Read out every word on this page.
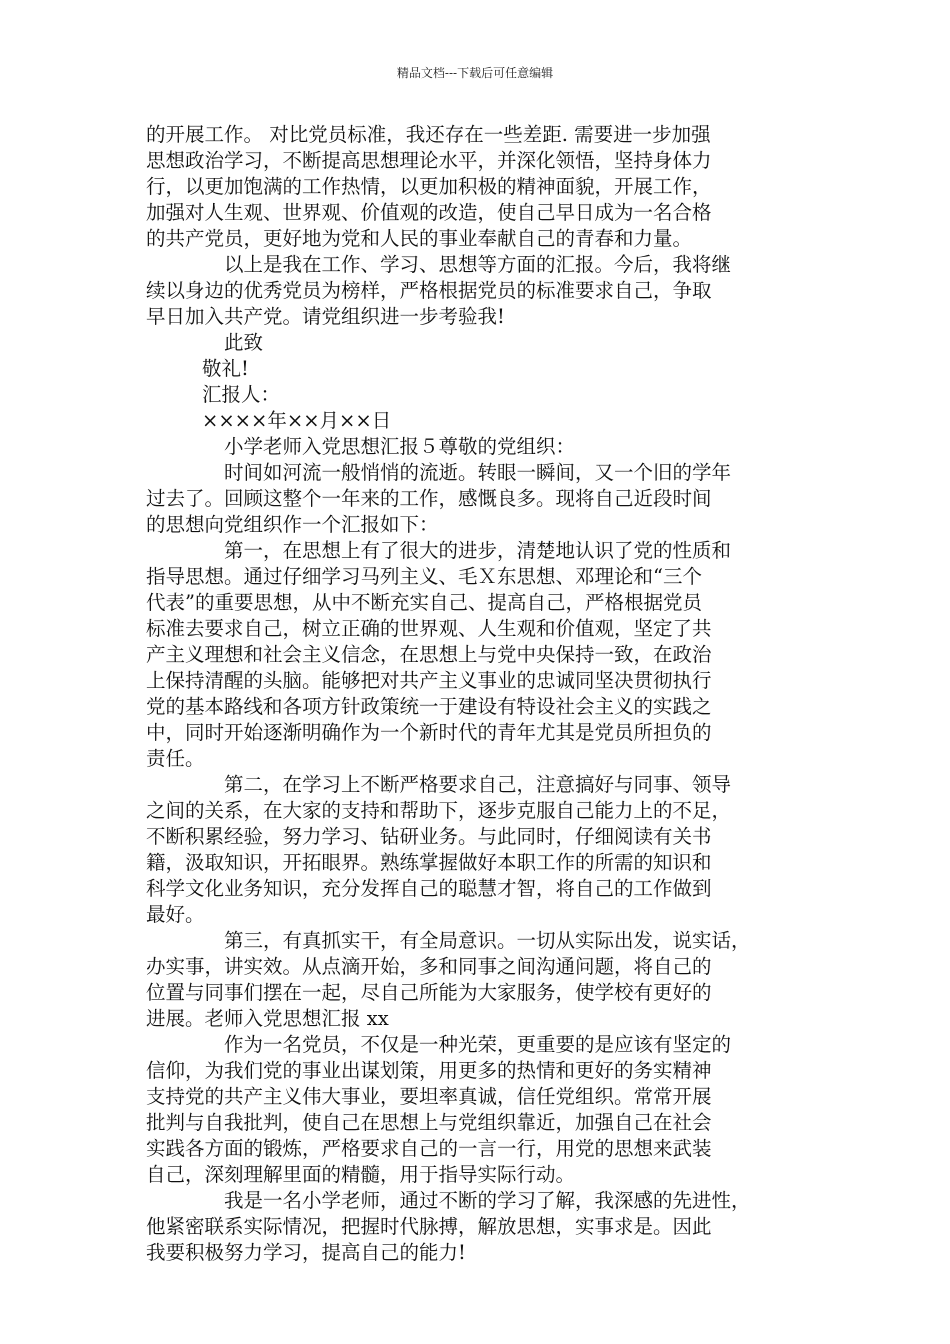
精品文档---下载后可任意编辑
的开展工作。 对比党员标准，我还存在一些差距. 需要进一步加强
思想政治学习，不断提高思想理论水平，并深化领悟，坚持身体力
行，以更加饱满的工作热情，以更加积极的精神面貌，开展工作，
加强对人生观、世界观、价值观的改造，使自己早日成为一名合格
的共产党员，更好地为党和人民的事业奉献自己的青春和力量。
以上是我在工作、学习、思想等方面的汇报。今后，我将继
续以身边的优秀党员为榜样，严格根据党员的标准要求自己，争取
早日加入共产党。请党组织进一步考验我!
此致
敬礼!
汇报人：
××××年××月××日
小学老师入党思想汇报５尊敬的党组织：
时间如河流一般悄悄的流逝。转眼一瞬间，又一个旧的学年
过去了。回顾这整个一年来的工作，感慨良多。现将自己近段时间
的思想向党组织作一个汇报如下：
第一，在思想上有了很大的进步，清楚地认识了党的性质和
指导思想。通过仔细学习马列主义、毛Ｘ东思想、邓理论和“三个
代表”的重要思想，从中不断充实自己、提高自己，严格根据党员
标准去要求自己，树立正确的世界观、人生观和价值观，坚定了共
产主义理想和社会主义信念，在思想上与党中央保持一致，在政治
上保持清醒的头脑。能够把对共产主义事业的忠诚同坚决贯彻执行
党的基本路线和各项方针政策统一于建设有特设社会主义的实践之
中，同时开始逐渐明确作为一个新时代的青年尤其是党员所担负的
责任。
第二，在学习上不断严格要求自己，注意搞好与同事、领导
之间的关系，在大家的支持和帮助下，逐步克服自己能力上的不足，
不断积累经验，努力学习、钻研业务。与此同时，仔细阅读有关书
籍，汲取知识，开拓眼界。熟练掌握做好本职工作的所需的知识和
科学文化业务知识，充分发挥自己的聪慧才智，将自己的工作做到
最好。
第三，有真抓实干，有全局意识。一切从实际出发，说实话，
办实事，讲实效。从点滴开始，多和同事之间沟通问题，将自己的
位置与同事们摆在一起，尽自己所能为大家服务，使学校有更好的
进展。老师入党思想汇报 xx
作为一名党员，不仅是一种光荣，更重要的是应该有坚定的
信仰，为我们党的事业出谋划策，用更多的热情和更好的务实精神
支持党的共产主义伟大事业，要坦率真诚，信任党组织。常常开展
批判与自我批判，使自己在思想上与党组织靠近，加强自己在社会
实践各方面的锻炼，严格要求自己的一言一行，用党的思想来武装
自己，深刻理解里面的精髓，用于指导实际行动。
我是一名小学老师，通过不断的学习了解，我深感的先进性，
他紧密联系实际情况，把握时代脉搏，解放思想，实事求是。因此
我要积极努力学习，提高自己的能力!
